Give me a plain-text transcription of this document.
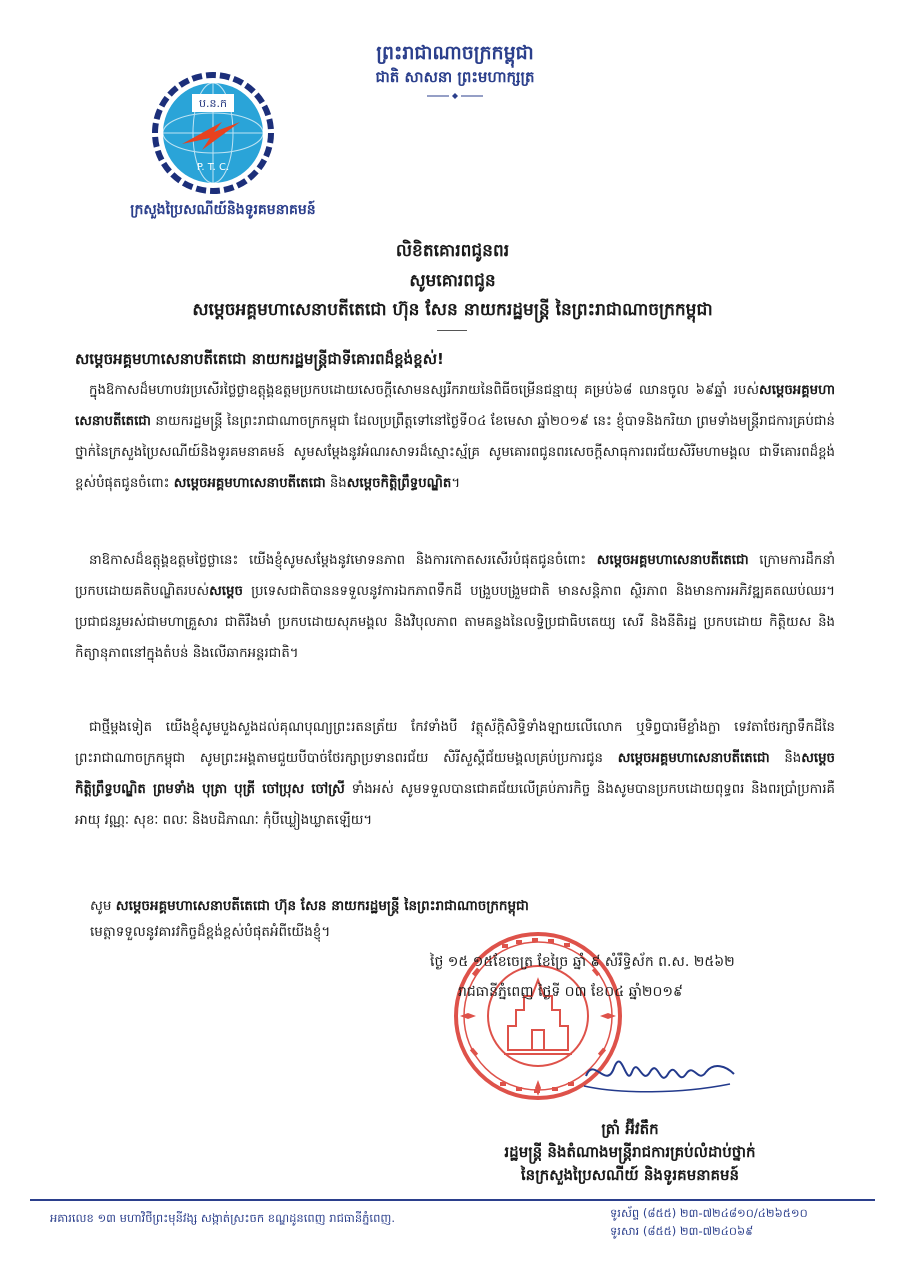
ព្រះរាជាណាចក្រកម្ពុជា
ជាតិ សាសនា ព្រះមហាក្សត្រ
ប.ន.ក
P. T. C.
ក្រសួងប្រៃសណីយ៍និងទូរគមនាគមន៍
លិខិតគោរពជូនពរ
សូមគោរពជូន
សម្តេចអគ្គមហាសេនាបតីតេជោ ហ៊ុន សែន នាយករដ្ឋមន្ត្រី នៃព្រះរាជាណាចក្រកម្ពុជា
សម្តេចអគ្គមហាសេនាបតីតេជោ នាយករដ្ឋមន្ត្រីជាទីគោរពដ៏ខ្ពង់ខ្ពស់!
ក្នុងឱកាសដ៏មហាបវរប្រសើរថ្លៃថ្លាឧត្តុង្គឧត្តមប្រកបដោយសេចក្តីសោមនស្សរីករាយនៃពិធីចម្រើនជន្មាយុ គម្រប់៦៨ ឈានចូល ៦៩ឆ្នាំ របស់សម្តេចអគ្គមហាសេនាបតីតេជោ នាយករដ្ឋមន្ត្រី នៃព្រះរាជាណាចក្រកម្ពុជា ដែលប្រព្រឹត្តទៅនៅថ្ងៃទី០៤ ខែមេសា ឆ្នាំ២០១៩ នេះ ខ្ញុំបាទនិងករិយា ព្រមទាំងមន្ត្រីរាជការគ្រប់ជាន់ថ្នាក់នៃក្រសួងប្រៃសណីយ៍និងទូរគមនាគមន៍ សូមសម្តែងនូវអំណរសាទរដ៏ស្មោះស្ម័គ្រ សូមគោរពជូនពរសេចក្តីសាធុការពរជ័យសិរីមហាមង្គល ជាទីគោរពដ៏ខ្ពង់ខ្ពស់បំផុតជូនចំពោះ សម្តេចអគ្គមហាសេនាបតីតេជោ និងសម្តេចកិត្តិព្រឹទ្ធបណ្ឌិត។
នាឱកាសដ៏ឧត្តុង្គឧត្តមថ្លៃថ្លានេះ យើងខ្ញុំសូមសម្តែងនូវមោទនភាព និងការកោតសរសើរបំផុតជូនចំពោះ សម្តេចអគ្គមហាសេនាបតីតេជោ ក្រោមការដឹកនាំប្រកបដោយគតិបណ្ឌិតរបស់សម្តេច ប្រទេសជាតិបាននទទួលនូវការឯកភាពទឹកដី បង្រួបបង្រួមជាតិ មានសន្តិភាព ស្ថិរភាព និងមានការអភិវឌ្ឍគតឈប់ឈរ។ ប្រជាជនរួមរស់ជាមហាគ្រួសារ ជាតិរឹងមាំ ប្រកបដោយសុភមង្គល និងវិបុលភាព តាមគន្លងនៃលទ្ធិប្រជាធិបតេយ្យ សេរី និងនីតិរដ្ឋ ប្រកបដោយ កិត្តិយស និងកិត្យានុភាពនៅក្នុងតំបន់ និងលើឆាកអន្តរជាតិ។
ជាថ្មីម្តងទៀត យើងខ្ញុំសូមបួងសួងដល់គុណបុណ្យព្រះរតនត្រ័យ កែវទាំងបី វត្ថុស័ក្តិសិទ្ធិទាំងឡាយលើលោក ឬទិព្វបារមីខ្លាំងក្លា ទេវតាថែរក្សាទឹកដីនៃព្រះរាជាណាចក្រកម្ពុជា សូមព្រះអង្គតាមជួយបីបាច់ថែរក្សាប្រទានពរជ័យ សិរីសួស្តីជ័យមង្គលគ្រប់ប្រការជូន សម្តេចអគ្គមហាសេនាបតីតេជោ និងសម្តេចកិត្តិព្រឹទ្ធបណ្ឌិត ព្រមទាំង បុត្រា បុត្រី ចៅប្រុស ចៅស្រី ទាំងអស់ សូមទទួលបានជោគជ័យលើគ្រប់ភារកិច្ច និងសូមបានប្រកបដោយពុទ្ធពរ និងពរប្រាំប្រការគឺ អាយុ វណ្ណៈ សុខៈ ពលៈ និងបដិភាណៈ កុំបីឃ្លៀងឃ្លាតឡើយ។
សូម សម្តេចអគ្គមហាសេនាបតីតេជោ ហ៊ុន សែន នាយករដ្ឋមន្ត្រី នៃព្រះរាជាណាចក្រកម្ពុជា
មេត្តាទទួលនូវគារវកិច្ចដ៏ខ្ពង់ខ្ពស់បំផុតអំពីយើងខ្ញុំ។
ថ្ងៃ ១៥ ១៥ខែចេត្រ ខែច្រៃ ឆ្នាំ ៩ សំរឹទ្ធិស័ក ព.ស. ២៥៦២
រាជធានីភ្នំពេញ ថ្ងៃទី ០៣ ខែ០៤ ឆ្នាំ២០១៩
ត្រាំ អ៊ីវតឹក
រដ្ឋមន្ត្រី និងតំណាងមន្ត្រីរាជការគ្រប់លំដាប់ថ្នាក់
នៃក្រសួងប្រៃសណីយ៍ និងទូរគមនាគមន៍
អគារលេខ ១៣ មហាវិថីព្រះមុនីវង្ស សង្កាត់ស្រះចក ខណ្ឌដូនពេញ រាជធានីភ្នំពេញ.	ទូរស័ព្ទ (៨៥៥) ២៣-៧២៤៨១០/៤២៦៥១០
ទូរសារ (៨៥៥) ២៣-៧២៤០៦៩
